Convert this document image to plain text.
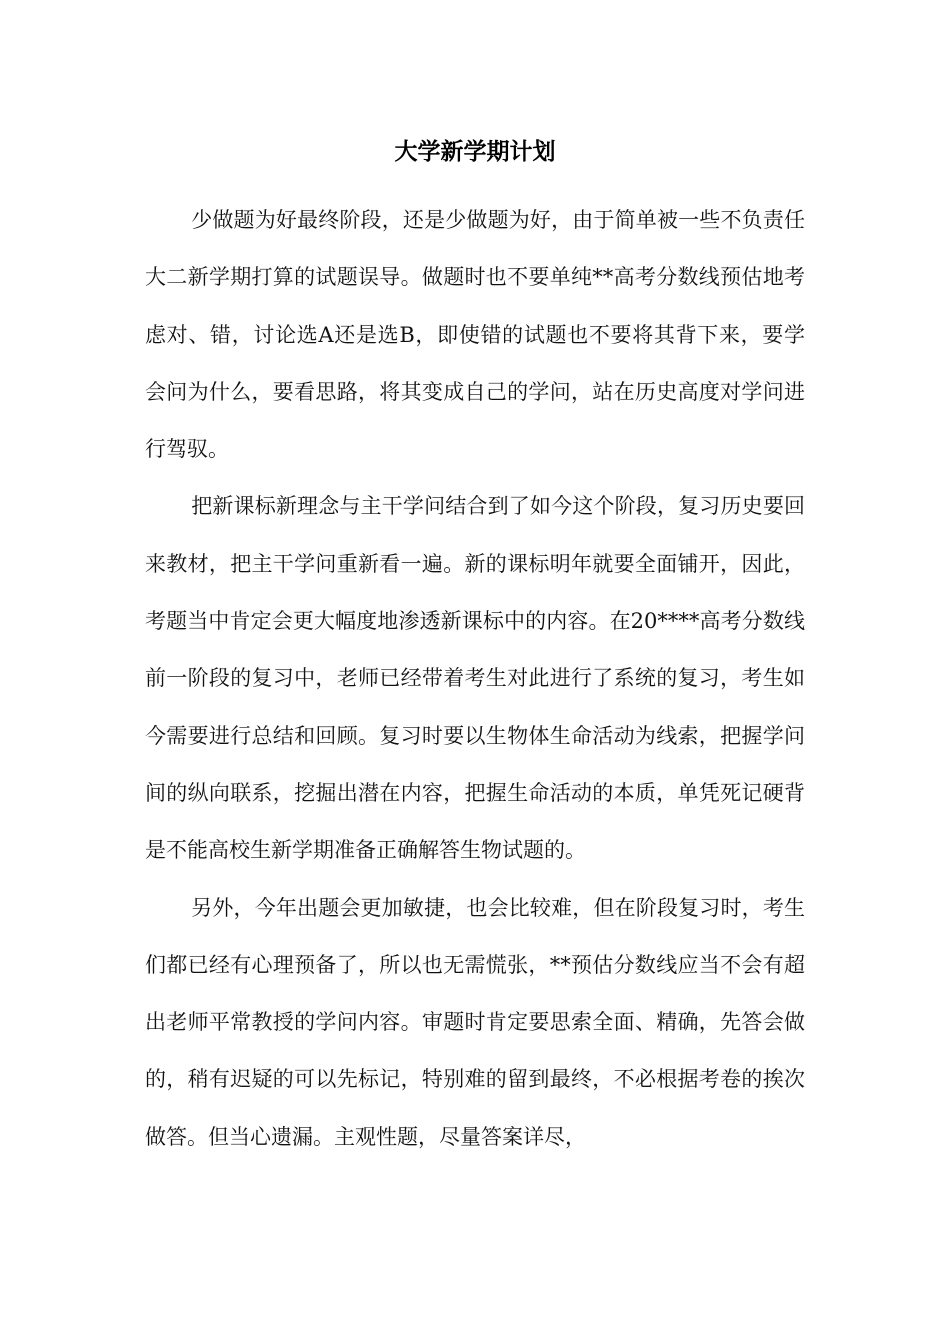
大学新学期计划

少做题为好最终阶段，还是少做题为好，由于简单被一些不负责任大二新学期打算的试题误导。做题时也不要单纯**高考分数线预估地考虑对、错，讨论选A还是选B，即使错的试题也不要将其背下来，要学会问为什么，要看思路，将其变成自己的学问，站在历史高度对学问进行驾驭。

把新课标新理念与主干学问结合到了如今这个阶段，复习历史要回来教材，把主干学问重新看一遍。新的课标明年就要全面铺开，因此，考题当中肯定会更大幅度地渗透新课标中的内容。在20****高考分数线前一阶段的复习中，老师已经带着考生对此进行了系统的复习，考生如今需要进行总结和回顾。复习时要以生物体生命活动为线索，把握学问间的纵向联系，挖掘出潜在内容，把握生命活动的本质，单凭死记硬背是不能高校生新学期准备正确解答生物试题的。

另外，今年出题会更加敏捷，也会比较难，但在阶段复习时，考生们都已经有心理预备了，所以也无需慌张，**预估分数线应当不会有超出老师平常教授的学问内容。审题时肯定要思索全面、精确，先答会做的，稍有迟疑的可以先标记，特别难的留到最终，不必根据考卷的挨次做答。但当心遗漏。主观性题，尽量答案详尽，
